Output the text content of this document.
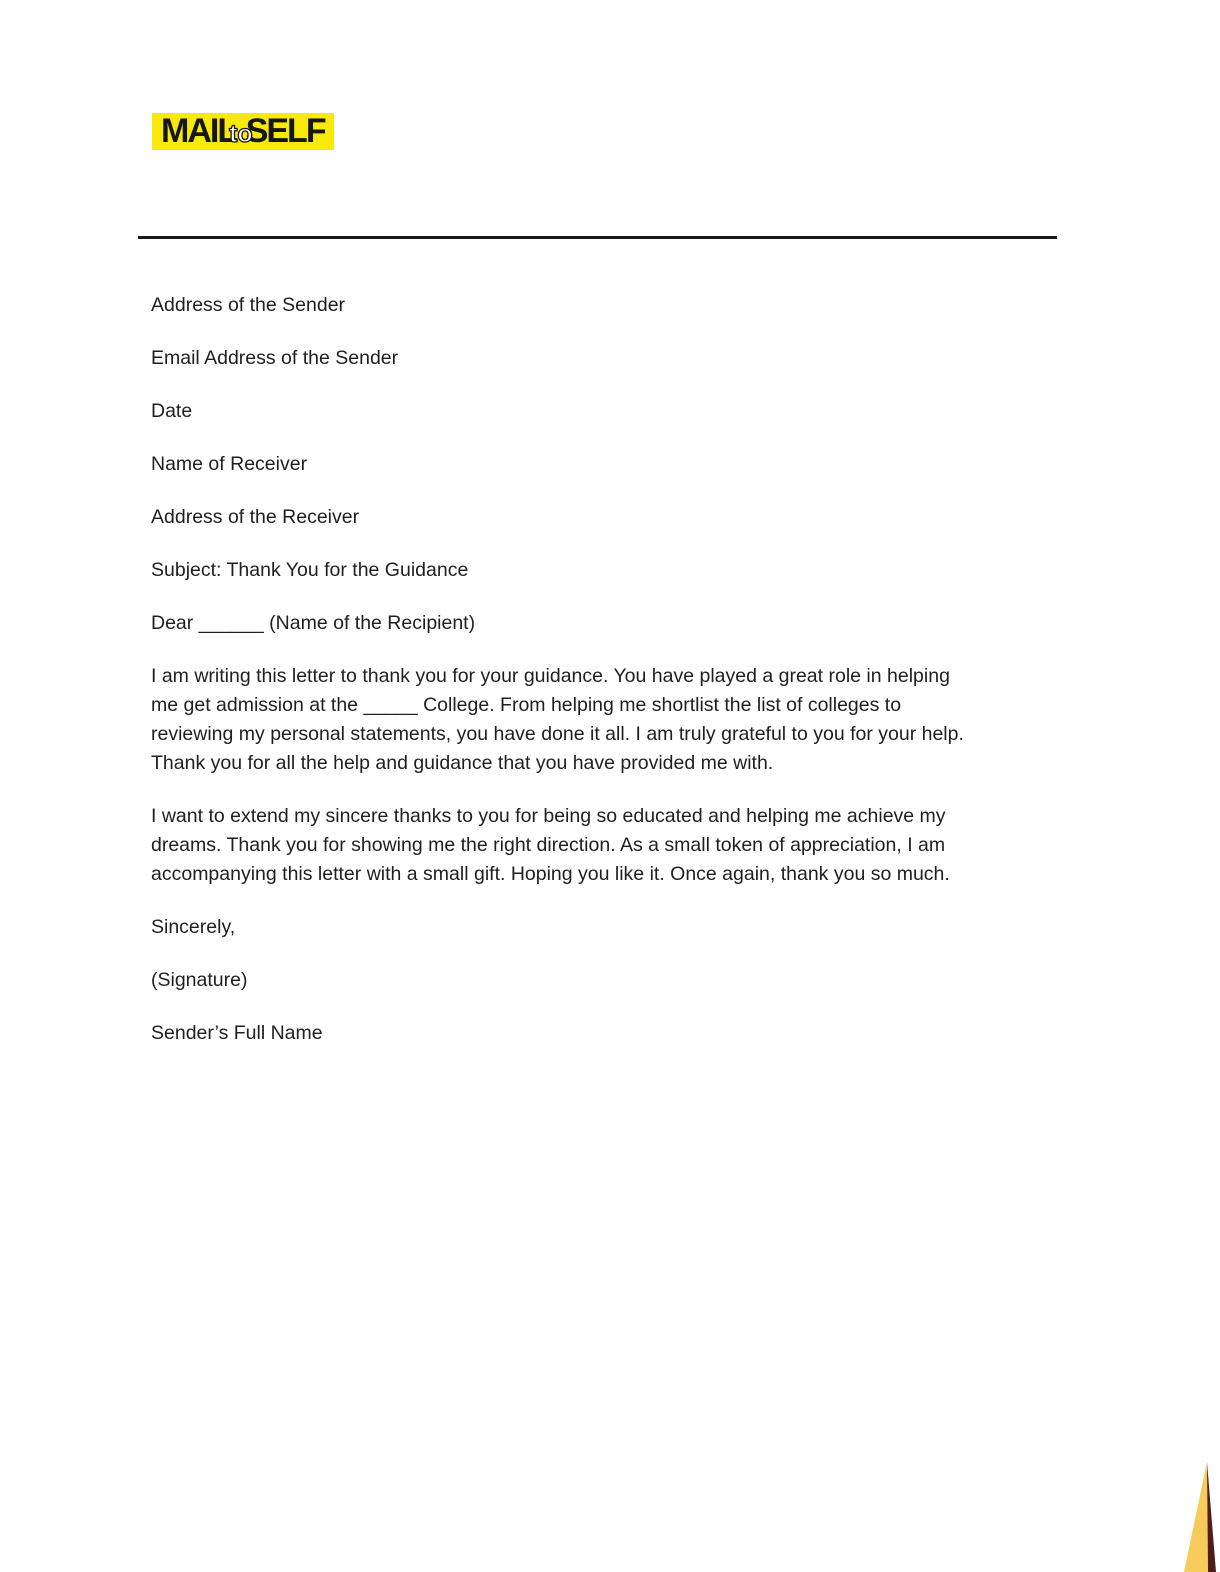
MAIL
to
SELF

Address of the Sender

Email Address of the Sender

Date

Name of Receiver

Address of the Receiver

Subject: Thank You for the Guidance

Dear ______ (Name of the Recipient)

I am writing this letter to thank you for your guidance. You have played a great role in helping
me get admission at the _____ College. From helping me shortlist the list of colleges to
reviewing my personal statements, you have done it all. I am truly grateful to you for your help.
Thank you for all the help and guidance that you have provided me with.

I want to extend my sincere thanks to you for being so educated and helping me achieve my
dreams. Thank you for showing me the right direction. As a small token of appreciation, I am
accompanying this letter with a small gift. Hoping you like it. Once again, thank you so much.

Sincerely,

(Signature)

Sender’s Full Name
